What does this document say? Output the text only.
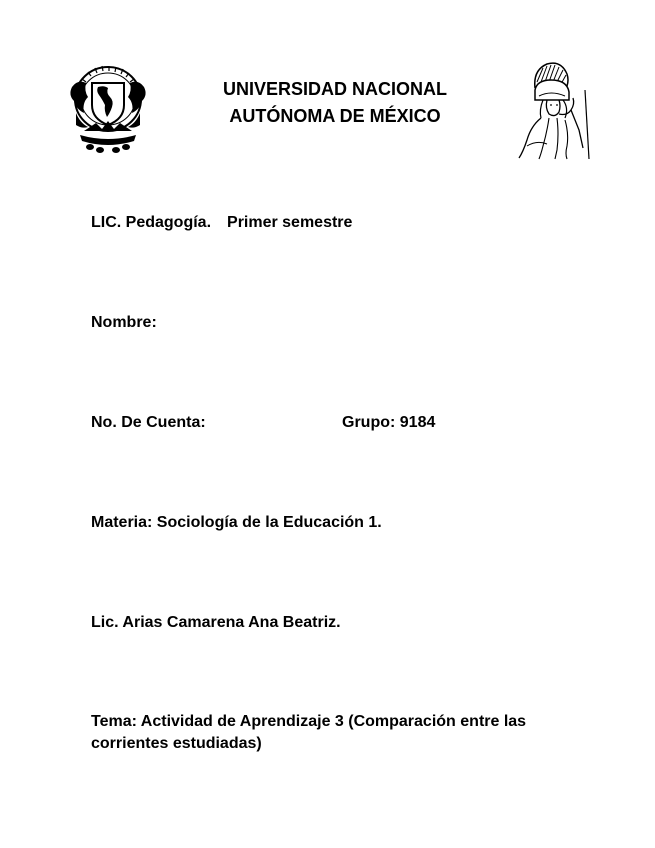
UNIVERSIDAD NACIONAL
AUTÓNOMA DE MÉXICO
LIC. Pedagogía. Primer semestre
Nombre:
No. De Cuenta:	Grupo: 9184
Materia: Sociología de la Educación 1.
Lic. Arias Camarena Ana Beatriz.
Tema: Actividad de Aprendizaje 3 (Comparación entre las corrientes estudiadas)
